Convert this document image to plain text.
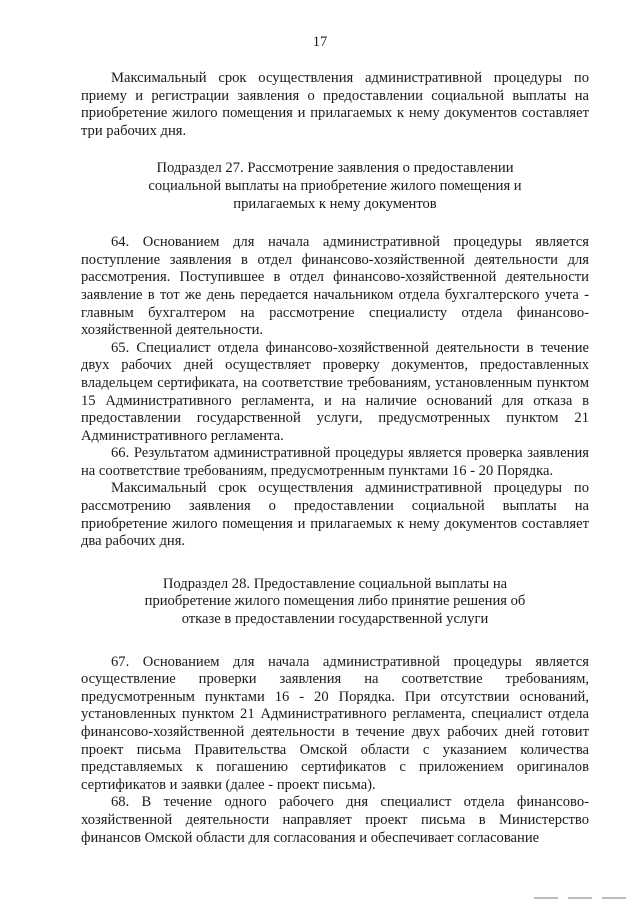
17

Максимальный срок осуществления административной процедуры по приему и регистрации заявления о предоставлении социальной выплаты на приобретение жилого помещения и прилагаемых к нему документов составляет три рабочих дня.

Подраздел 27. Рассмотрение заявления о предоставлении
социальной выплаты на приобретение жилого помещения и
прилагаемых к нему документов

64. Основанием для начала административной процедуры является поступление заявления в отдел финансово-хозяйственной деятельности для рассмотрения. Поступившее в отдел финансово-хозяйственной деятельности заявление в тот же день передается начальником отдела бухгалтерского учета - главным бухгалтером на рассмотрение специалисту отдела финансово-хозяйственной деятельности.

65. Специалист отдела финансово-хозяйственной деятельности в течение двух рабочих дней осуществляет проверку документов, предоставленных владельцем сертификата, на соответствие требованиям, установленным пунктом 15 Административного регламента, и на наличие оснований для отказа в предоставлении государственной услуги, предусмотренных пунктом 21 Административного регламента.

66. Результатом административной процедуры является проверка заявления на соответствие требованиям, предусмотренным пунктами 16 - 20 Порядка.

Максимальный срок осуществления административной процедуры по рассмотрению заявления о предоставлении социальной выплаты на приобретение жилого помещения и прилагаемых к нему документов составляет два рабочих дня.

Подраздел 28. Предоставление социальной выплаты на
приобретение жилого помещения либо принятие решения об
отказе в предоставлении государственной услуги

67. Основанием для начала административной процедуры является осуществление проверки заявления на соответствие требованиям, предусмотренным пунктами 16 - 20 Порядка. При отсутствии оснований, установленных пунктом 21 Административного регламента, специалист отдела финансово-хозяйственной деятельности в течение двух рабочих дней готовит проект письма Правительства Омской области с указанием количества представляемых к погашению сертификатов с приложением оригиналов сертификатов и заявки (далее - проект письма).

68. В течение одного рабочего дня специалист отдела финансово-хозяйственной деятельности направляет проект письма в Министерство финансов Омской области для согласования и обеспечивает согласование
